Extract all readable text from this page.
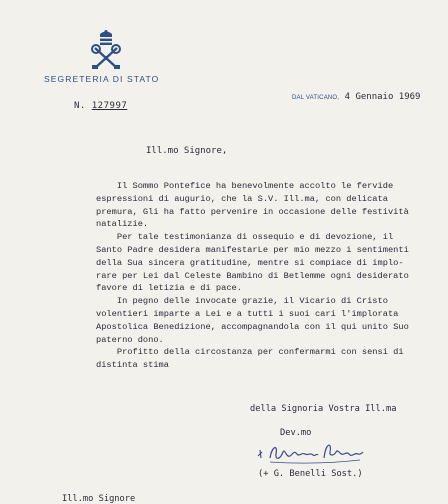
SEGRETERIA DI STATO
N. 127997
DAL VATICANO, 4 Gennaio 1969
Ill.mo Signore,
Il Sommo Pontefice ha benevolmente accolto le fervide
espressioni di augurio, che la S.V. Ill.ma, con delicata
premura, Gli ha fatto pervenire in occasione delle festività
natalizie.
Per tale testimonianza di ossequio e di devozione, il
Santo Padre desidera manifestarLe per mio mezzo i sentimenti
della Sua sincera gratitudine, mentre si compiace di implo-
rare per Lei dal Celeste Bambino di Betlemme ogni desiderato
favore di letizia e di pace.
In pegno delle invocate grazie, il Vicario di Cristo
volentieri imparte a Lei e a tutti i suoi cari l'implorata
Apostolica Benedizione, accompagnandola con il qui unito Suo
paterno dono.
Profitto della circostanza per confermarmi con sensi di
distinta stima
della Signoria Vostra Ill.ma
Dev.mo
(+ G. Benelli Sost.)
Ill.mo Signore
